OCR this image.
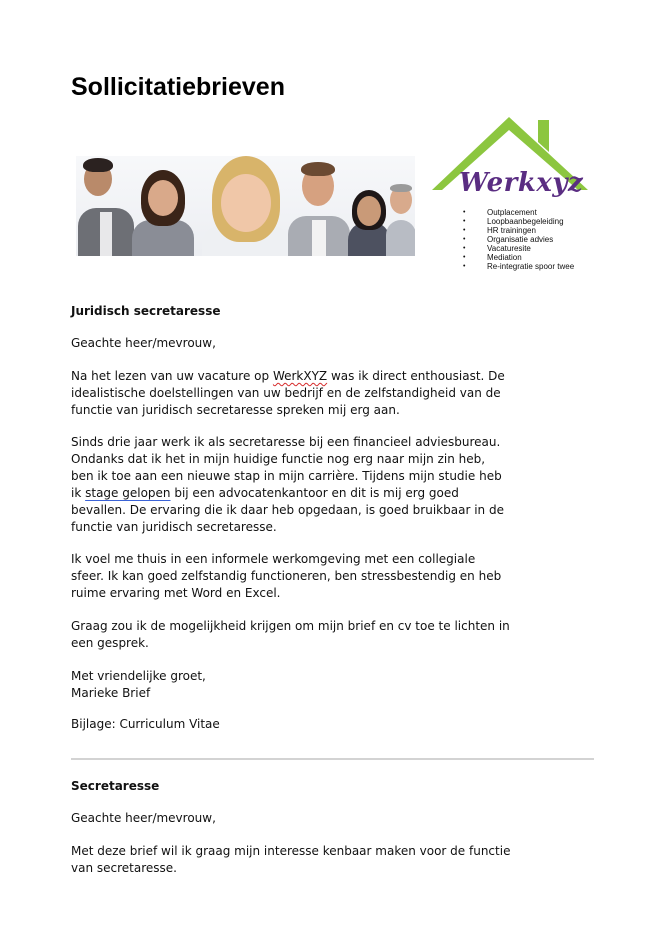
Sollicitatiebrieven

Werkxyz

• Outplacement
• Loopbaanbegeleiding
• HR trainingen
• Organisatie advies
• Vacaturesite
• Mediation
• Re-integratie spoor twee

Juridisch secretaresse

Geachte heer/mevrouw,

Na het lezen van uw vacature op WerkXYZ was ik direct enthousiast. De idealistische doelstellingen van uw bedrijf en de zelfstandigheid van de functie van juridisch secretaresse spreken mij erg aan.

Sinds drie jaar werk ik als secretaresse bij een financieel adviesbureau. Ondanks dat ik het in mijn huidige functie nog erg naar mijn zin heb, ben ik toe aan een nieuwe stap in mijn carrière. Tijdens mijn studie heb ik stage gelopen bij een advocatenkantoor en dit is mij erg goed bevallen. De ervaring die ik daar heb opgedaan, is goed bruikbaar in de functie van juridisch secretaresse.

Ik voel me thuis in een informele werkomgeving met een collegiale sfeer. Ik kan goed zelfstandig functioneren, ben stressbestendig en heb ruime ervaring met Word en Excel.

Graag zou ik de mogelijkheid krijgen om mijn brief en cv toe te lichten in een gesprek.

Met vriendelijke groet,

Marieke Brief

Bijlage: Curriculum Vitae

Secretaresse

Geachte heer/mevrouw,

Met deze brief wil ik graag mijn interesse kenbaar maken voor de functie van secretaresse.
